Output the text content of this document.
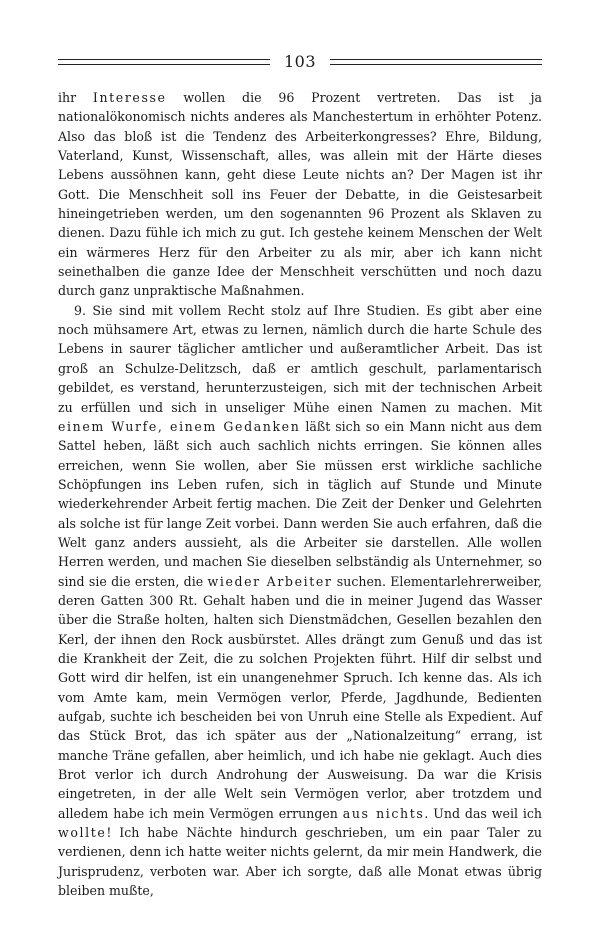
103

ihr Interesse wollen die 96 Prozent vertreten. Das ist ja nationalökonomisch nichts anderes als Manchestertum in erhöhter Potenz. Also das bloß ist die Tendenz des Arbeiterkongresses? Ehre, Bildung, Vaterland, Kunst, Wissenschaft, alles, was allein mit der Härte dieses Lebens aussöhnen kann, geht diese Leute nichts an? Der Magen ist ihr Gott. Die Menschheit soll ins Feuer der Debatte, in die Geistesarbeit hineingetrieben werden, um den sogenannten 96 Prozent als Sklaven zu dienen. Dazu fühle ich mich zu gut. Ich gestehe keinem Menschen der Welt ein wärmeres Herz für den Arbeiter zu als mir, aber ich kann nicht seinethalben die ganze Idee der Menschheit verschütten und noch dazu durch ganz unpraktische Maßnahmen.

9. Sie sind mit vollem Recht stolz auf Ihre Studien. Es gibt aber eine noch mühsamere Art, etwas zu lernen, nämlich durch die harte Schule des Lebens in saurer täglicher amtlicher und außeramtlicher Arbeit. Das ist groß an Schulze-Delitzsch, daß er amtlich geschult, parlamentarisch gebildet, es verstand, herunterzusteigen, sich mit der technischen Arbeit zu erfüllen und sich in unseliger Mühe einen Namen zu machen. Mit einem Wurfe, einem Gedanken läßt sich so ein Mann nicht aus dem Sattel heben, läßt sich auch sachlich nichts erringen. Sie können alles erreichen, wenn Sie wollen, aber Sie müssen erst wirkliche sachliche Schöpfungen ins Leben rufen, sich in täglich auf Stunde und Minute wiederkehrender Arbeit fertig machen. Die Zeit der Denker und Gelehrten als solche ist für lange Zeit vorbei. Dann werden Sie auch erfahren, daß die Welt ganz anders aussieht, als die Arbeiter sie darstellen. Alle wollen Herren werden, und machen Sie dieselben selbständig als Unternehmer, so sind sie die ersten, die wieder Arbeiter suchen. Elementarlehrerweiber, deren Gatten 300 Rt. Gehalt haben und die in meiner Jugend das Wasser über die Straße holten, halten sich Dienstmädchen, Gesellen bezahlen den Kerl, der ihnen den Rock ausbürstet. Alles drängt zum Genuß und das ist die Krankheit der Zeit, die zu solchen Projekten führt. Hilf dir selbst und Gott wird dir helfen, ist ein unangenehmer Spruch. Ich kenne das. Als ich vom Amte kam, mein Vermögen verlor, Pferde, Jagdhunde, Bedienten aufgab, suchte ich bescheiden bei von Unruh eine Stelle als Expedient. Auf das Stück Brot, das ich später aus der „Nationalzeitung“ errang, ist manche Träne gefallen, aber heimlich, und ich habe nie geklagt. Auch dies Brot verlor ich durch Androhung der Ausweisung. Da war die Krisis eingetreten, in der alle Welt sein Vermögen verlor, aber trotzdem und alledem habe ich mein Vermögen errungen aus nichts. Und das weil ich wollte! Ich habe Nächte hindurch geschrieben, um ein paar Taler zu verdienen, denn ich hatte weiter nichts gelernt, da mir mein Handwerk, die Jurisprudenz, verboten war. Aber ich sorgte, daß alle Monat etwas übrig bleiben mußte,
